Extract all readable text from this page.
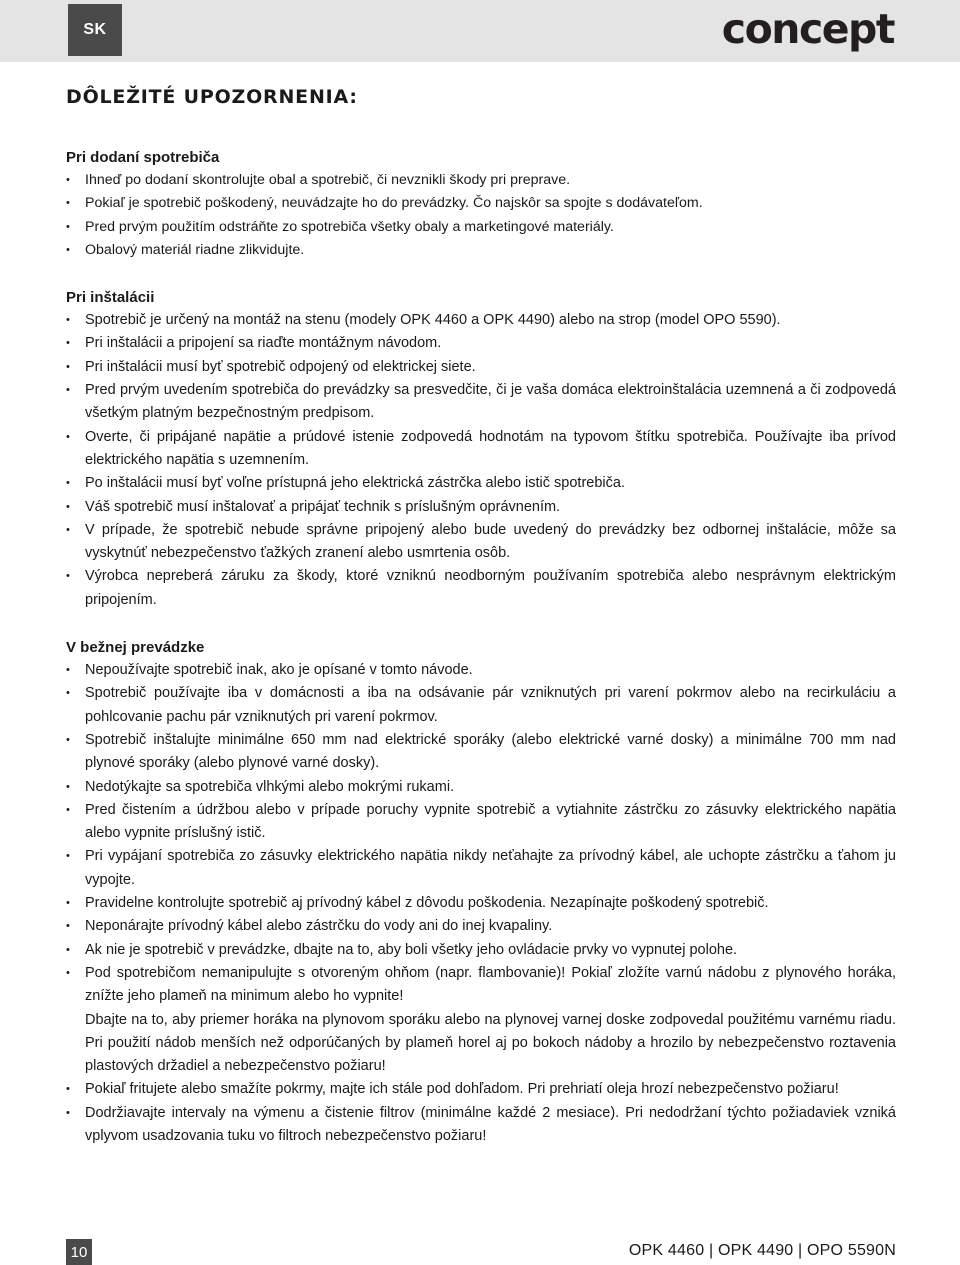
SK	concept
DÔLEŽITÉ UPOZORNENIA:
Pri dodaní spotrebiča
• Ihneď po dodaní skontrolujte obal a spotrebič, či nevznikli škody pri preprave.
• Pokiaľ je spotrebič poškodený, neuvádzajte ho do prevádzky. Čo najskôr sa spojte s dodávateľom.
• Pred prvým použitím odstráňte zo spotrebiča všetky obaly a marketingové materiály.
• Obalový materiál riadne zlikvidujte.
Pri inštalácii
• Spotrebič je určený na montáž na stenu (modely OPK 4460 a OPK 4490) alebo na strop (model OPO 5590).
• Pri inštalácii a pripojení sa riaďte montážnym návodom.
• Pri inštalácii musí byť spotrebič odpojený od elektrickej siete.
• Pred prvým uvedením spotrebiča do prevádzky sa presvedčite, či je vaša domáca elektroinštalácia uzemnená a či zodpovedá všetkým platným bezpečnostným predpisom.
• Overte, či pripájané napätie a prúdové istenie zodpovedá hodnotám na typovom štítku spotrebiča. Používajte iba prívod elektrického napätia s uzemnením.
• Po inštalácii musí byť voľne prístupná jeho elektrická zástrčka alebo istič spotrebiča.
• Váš spotrebič musí inštalovať a pripájať technik s príslušným oprávnením.
• V prípade, že spotrebič nebude správne pripojený alebo bude uvedený do prevádzky bez odbornej inštalácie, môže sa vyskytnúť nebezpečenstvo ťažkých zranení alebo usmrtenia osôb.
• Výrobca nepreberá záruku za škody, ktoré vzniknú neodborným používaním spotrebiča alebo nesprávnym elektrickým pripojením.
V bežnej prevádzke
• Nepoužívajte spotrebič inak, ako je opísané v tomto návode.
• Spotrebič používajte iba v domácnosti a iba na odsávanie pár vzniknutých pri varení pokrmov alebo na recirkuláciu a pohlcovanie pachu pár vzniknutých pri varení pokrmov.
• Spotrebič inštalujte minimálne 650 mm nad elektrické sporáky (alebo elektrické varné dosky) a minimálne 700 mm nad plynové sporáky (alebo plynové varné dosky).
• Nedotýkajte sa spotrebiča vlhkými alebo mokrými rukami.
• Pred čistením a údržbou alebo v prípade poruchy vypnite spotrebič a vytiahnite zástrčku zo zásuvky elektrického napätia alebo vypnite príslušný istič.
• Pri vypájaní spotrebiča zo zásuvky elektrického napätia nikdy neťahajte za prívodný kábel, ale uchopte zástrčku a ťahom ju vypojte.
• Pravidelne kontrolujte spotrebič aj prívodný kábel z dôvodu poškodenia. Nezapínajte poškodený spotrebič.
• Neponárajte prívodný kábel alebo zástrčku do vody ani do inej kvapaliny.
• Ak nie je spotrebič v prevádzke, dbajte na to, aby boli všetky jeho ovládacie prvky vo vypnutej polohe.
• Pod spotrebičom nemanipulujte s otvoreným ohňom (napr. flambovanie)! Pokiaľ zložíte varnú nádobu z plynového horáka, znížte jeho plameň na minimum alebo ho vypnite!
Dbajte na to, aby priemer horáka na plynovom sporáku alebo na plynovej varnej doske zodpovedal použitému varnému riadu. Pri použití nádob menších než odporúčaných by plameň horel aj po bokoch nádoby a hrozilo by nebezpečenstvo roztavenia plastových držadiel a nebezpečenstvo požiaru!
• Pokiaľ fritujete alebo smažíte pokrmy, majte ich stále pod dohľadom. Pri prehriatí oleja hrozí nebezpečenstvo požiaru!
• Dodržiavajte intervaly na výmenu a čistenie filtrov (minimálne každé 2 mesiace). Pri nedodržaní týchto požiadaviek vzniká vplyvom usadzovania tuku vo filtroch nebezpečenstvo požiaru!
10	OPK 4460 | OPK 4490 | OPO 5590N
